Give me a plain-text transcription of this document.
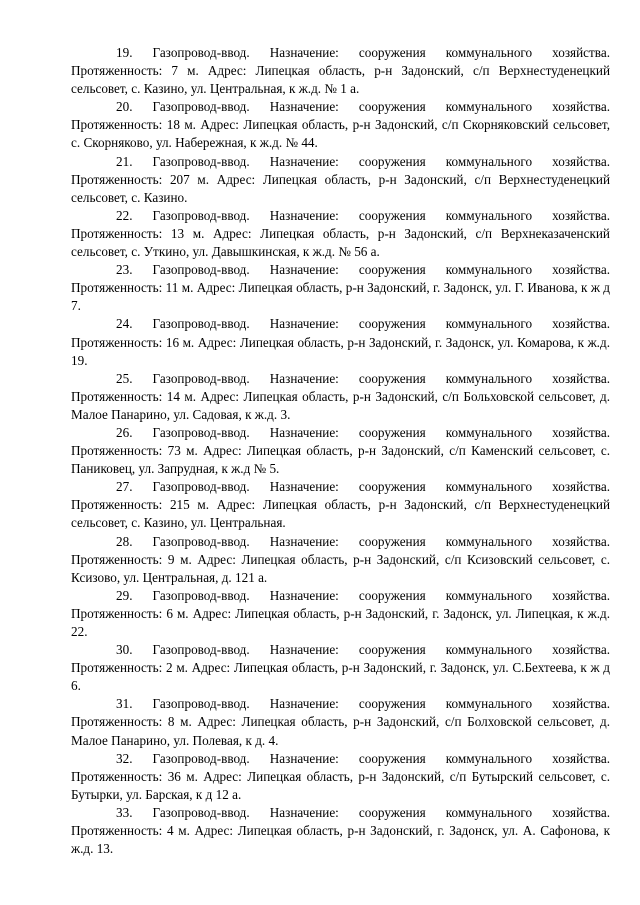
19. Газопровод-ввод. Назначение: сооружения коммунального хозяйства. Протяженность: 7 м. Адрес: Липецкая область, р-н Задонский, с/п Верхнестуденецкий сельсовет, с. Казино, ул. Центральная, к ж.д. № 1 а.

20. Газопровод-ввод. Назначение: сооружения коммунального хозяйства. Протяженность: 18 м. Адрес: Липецкая область, р-н Задонский, с/п Скорняковский сельсовет, с. Скорняково, ул. Набережная, к ж.д. № 44.

21. Газопровод-ввод. Назначение: сооружения коммунального хозяйства. Протяженность: 207 м. Адрес: Липецкая область, р-н Задонский, с/п Верхнестуденецкий сельсовет, с. Казино.

22. Газопровод-ввод. Назначение: сооружения коммунального хозяйства. Протяженность: 13 м. Адрес: Липецкая область, р-н Задонский, с/п Верхнеказаченский сельсовет, с. Уткино, ул. Давышкинская, к ж.д. № 56 а.

23. Газопровод-ввод. Назначение: сооружения коммунального хозяйства. Протяженность: 11 м. Адрес: Липецкая область, р-н Задонский, г. Задонск, ул. Г. Иванова, к ж д 7.

24. Газопровод-ввод. Назначение: сооружения коммунального хозяйства. Протяженность: 16 м. Адрес: Липецкая область, р-н Задонский, г. Задонск, ул. Комарова, к ж.д. 19.

25. Газопровод-ввод. Назначение: сооружения коммунального хозяйства. Протяженность: 14 м. Адрес: Липецкая область, р-н Задонский, с/п Больховской сельсовет, д. Малое Панарино, ул. Садовая, к ж.д. 3.

26. Газопровод-ввод. Назначение: сооружения коммунального хозяйства. Протяженность: 73 м. Адрес: Липецкая область, р-н Задонский, с/п Каменский сельсовет, с. Паниковец, ул. Запрудная, к ж.д № 5.

27. Газопровод-ввод. Назначение: сооружения коммунального хозяйства. Протяженность: 215 м. Адрес: Липецкая область, р-н Задонский, с/п Верхнестуденецкий сельсовет, с. Казино, ул. Центральная.

28. Газопровод-ввод. Назначение: сооружения коммунального хозяйства. Протяженность: 9 м. Адрес: Липецкая область, р-н Задонский, с/п Ксизовский сельсовет, с. Ксизово, ул. Центральная, д. 121 а.

29. Газопровод-ввод. Назначение: сооружения коммунального хозяйства. Протяженность: 6 м. Адрес: Липецкая область, р-н Задонский, г. Задонск, ул. Липецкая, к ж.д. 22.

30. Газопровод-ввод. Назначение: сооружения коммунального хозяйства. Протяженность: 2 м. Адрес: Липецкая область, р-н Задонский, г. Задонск, ул. С.Бехтеева, к ж д 6.

31. Газопровод-ввод. Назначение: сооружения коммунального хозяйства. Протяженность: 8 м. Адрес: Липецкая область, р-н Задонский, с/п Болховской сельсовет, д. Малое Панарино, ул. Полевая, к д. 4.

32. Газопровод-ввод. Назначение: сооружения коммунального хозяйства. Протяженность: 36 м. Адрес: Липецкая область, р-н Задонский, с/п Бутырский сельсовет, с. Бутырки, ул. Барская, к д 12 а.

33. Газопровод-ввод. Назначение: сооружения коммунального хозяйства. Протяженность: 4 м. Адрес: Липецкая область, р-н Задонский, г. Задонск, ул. А. Сафонова, к ж.д. 13.
